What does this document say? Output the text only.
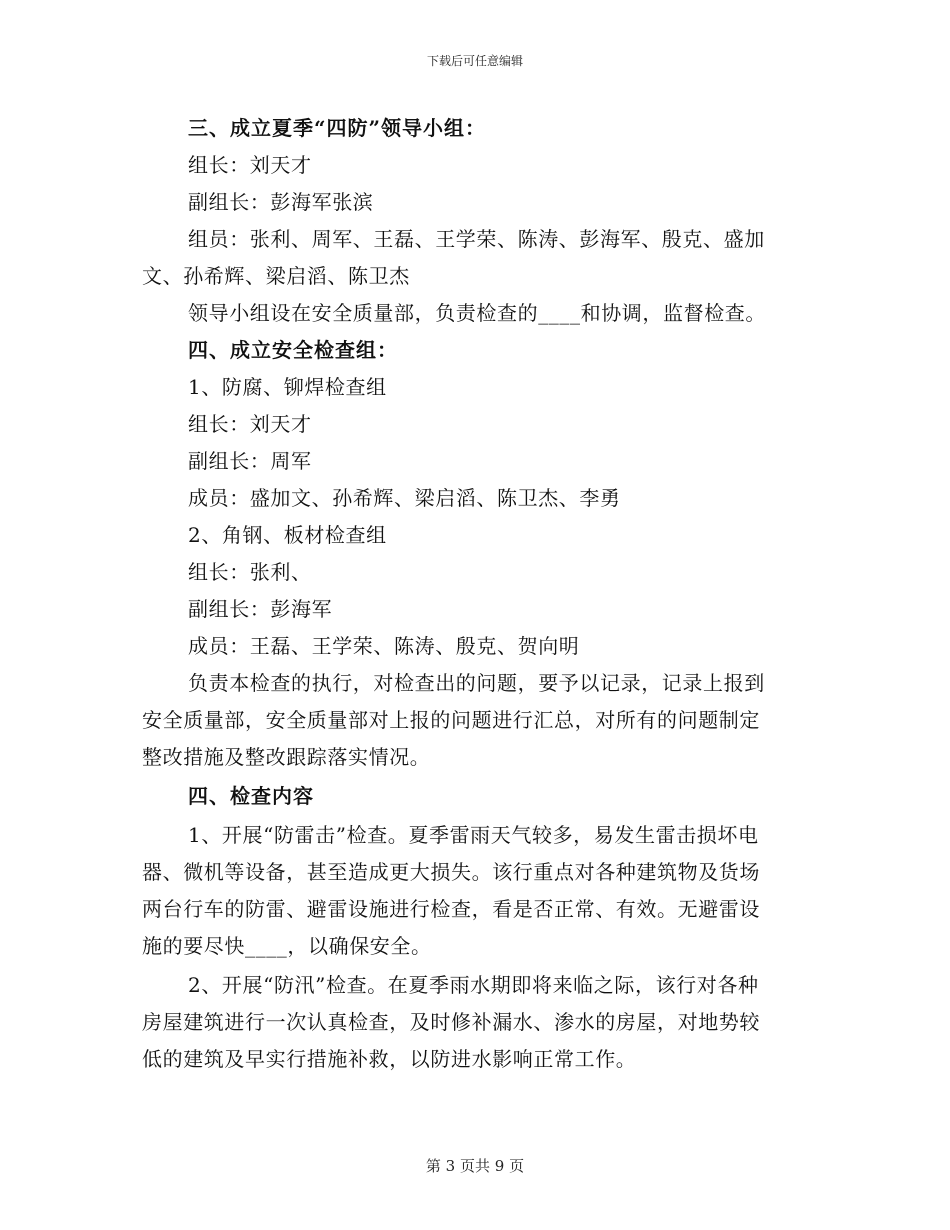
下载后可任意编辑
三、成立夏季“四防”领导小组：
组长：刘天才
副组长：彭海军张滨
组员：张利、周军、王磊、王学荣、陈涛、彭海军、殷克、盛加
文、孙希辉、梁启滔、陈卫杰
领导小组设在安全质量部，负责检查的____和协调，监督检查。
四、成立安全检查组：
1、防腐、铆焊检查组
组长：刘天才
副组长：周军
成员：盛加文、孙希辉、梁启滔、陈卫杰、李勇
2、角钢、板材检查组
组长：张利、
副组长：彭海军
成员：王磊、王学荣、陈涛、殷克、贺向明
负责本检查的执行，对检查出的问题，要予以记录，记录上报到
安全质量部，安全质量部对上报的问题进行汇总，对所有的问题制定
整改措施及整改跟踪落实情况。
四、检查内容
1、开展“防雷击”检查。夏季雷雨天气较多，易发生雷击损坏电
器、微机等设备，甚至造成更大损失。该行重点对各种建筑物及货场
两台行车的防雷、避雷设施进行检查，看是否正常、有效。无避雷设
施的要尽快____，以确保安全。
2、开展“防汛”检查。在夏季雨水期即将来临之际，该行对各种
房屋建筑进行一次认真检查，及时修补漏水、渗水的房屋，对地势较
低的建筑及早实行措施补救，以防进水影响正常工作。
第 3 页共 9 页
